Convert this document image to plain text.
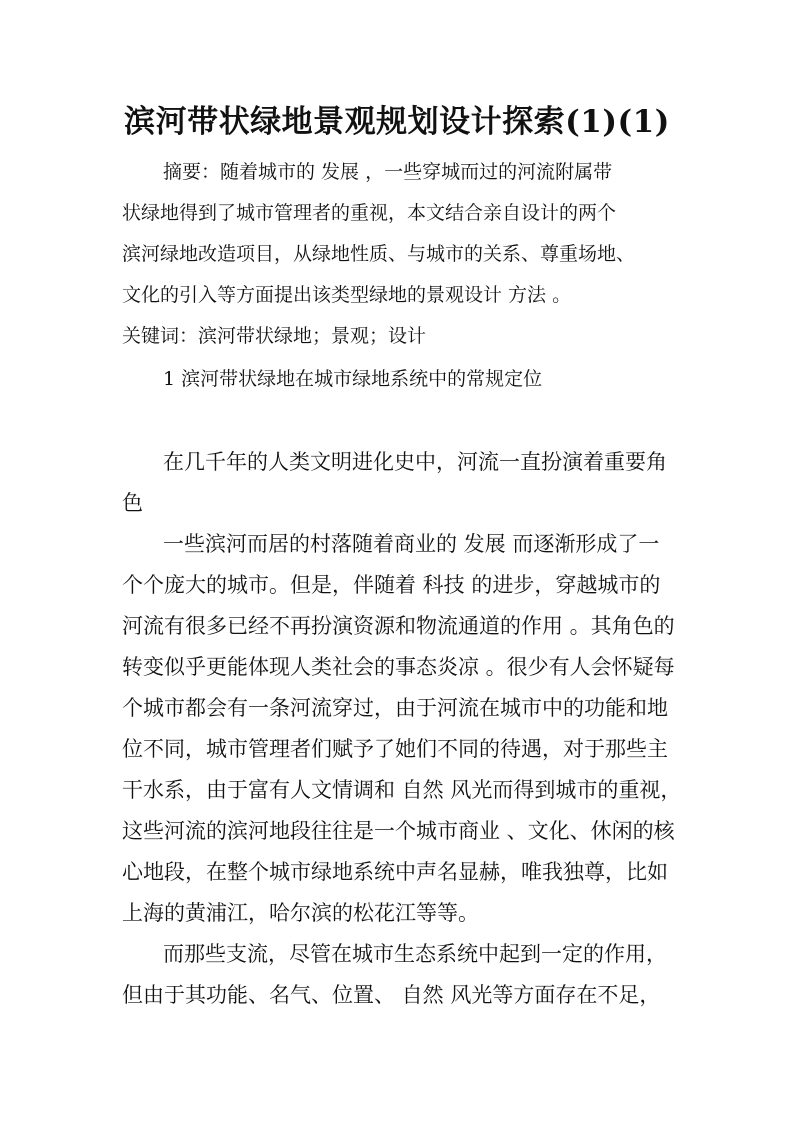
滨河带状绿地景观规划设计探索(1)(1)
摘要：随着城市的 发展 ，一些穿城而过的河流附属带
状绿地得到了城市管理者的重视，本文结合亲自设计的两个
滨河绿地改造项目，从绿地性质、与城市的关系、尊重场地、
文化的引入等方面提出该类型绿地的景观设计 方法 。
关键词：滨河带状绿地；景观；设计
1 滨河带状绿地在城市绿地系统中的常规定位
在几千年的人类文明进化史中，河流一直扮演着重要角
色
一些滨河而居的村落随着商业的 发展 而逐渐形成了一
个个庞大的城市。但是，伴随着 科技 的进步，穿越城市的
河流有很多已经不再扮演资源和物流通道的作用 。其角色的
转变似乎更能体现人类社会的事态炎凉 。很少有人会怀疑每
个城市都会有一条河流穿过，由于河流在城市中的功能和地
位不同，城市管理者们赋予了她们不同的待遇，对于那些主
干水系，由于富有人文情调和 自然 风光而得到城市的重视，
这些河流的滨河地段往往是一个城市商业 、文化、休闲的核
心地段，在整个城市绿地系统中声名显赫，唯我独尊，比如
上海的黄浦江，哈尔滨的松花江等等。
而那些支流，尽管在城市生态系统中起到一定的作用，
但由于其功能、名气、位置、 自然 风光等方面存在不足，
